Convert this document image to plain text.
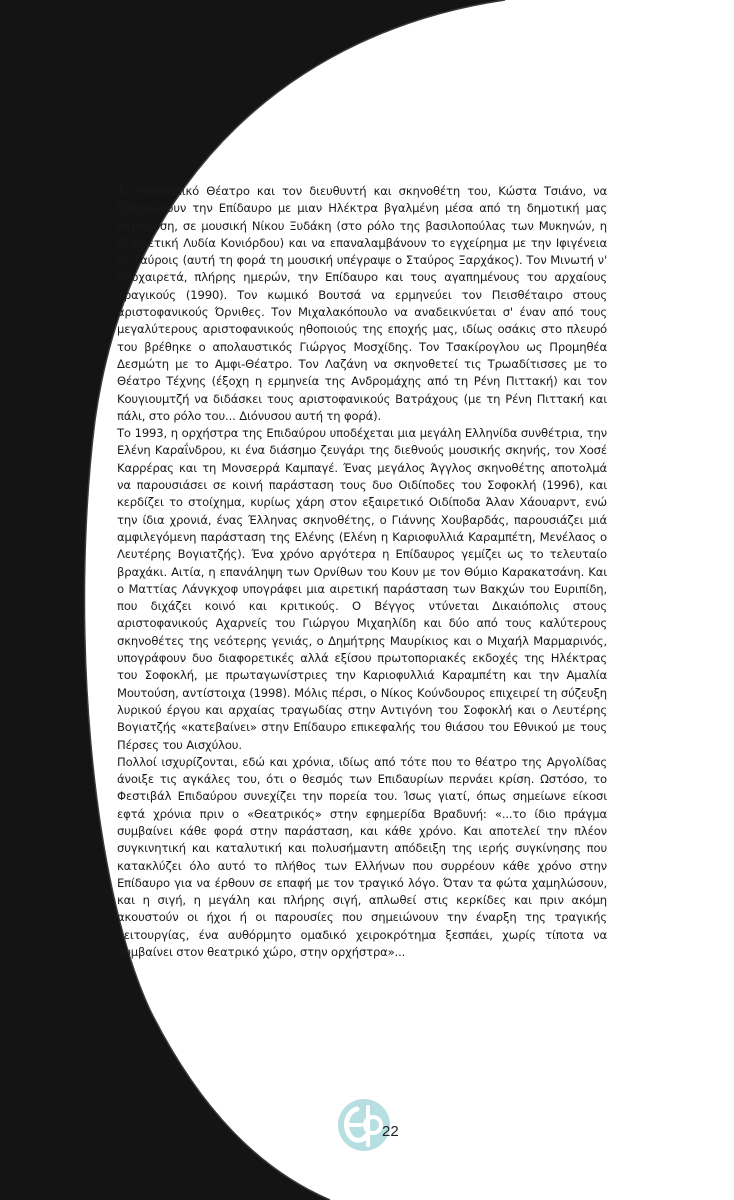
Το Θεσσαλικό Θέατρο και τον διευθυντή και σκηνοθέτη του, Κώστα Τσιάνο, να ξεσηκώνουν την Επίδαυρο με μιαν Ηλέκτρα βγαλμένη μέσα από τη δημοτική μας παράδοση, σε μουσική Νίκου Ξυδάκη (στο ρόλο της βασιλοπούλας των Μυκηνών, η εξαιρετική Λυδία Κονιόρδου) και να επαναλαμβάνουν το εγχείρημα με την Ιφιγένεια εν Ταύροις (αυτή τη φορά τη μουσική υπέγραψε ο Σταύρος Ξαρχάκος). Τον Μινωτή ν' αποχαιρετά, πλήρης ημερών, την Επίδαυρο και τους αγαπημένους του αρχαίους τραγικούς (1990). Τον κωμικό Βουτσά να ερμηνεύει τον Πεισθέταιρο στους αριστοφανικούς Όρνιθες. Τον Μιχαλακόπουλο να αναδεικνύεται σ' έναν από τους μεγαλύτερους αριστοφανικούς ηθοποιούς της εποχής μας, ιδίως οσάκις στο πλευρό του βρέθηκε ο απολαυστικός Γιώργος Μοσχίδης. Τον Τσακίρογλου ως Προμηθέα Δεσμώτη με το Αμφι-Θέατρο. Τον Λαζάνη να σκηνοθετεί τις Τρωαδίτισσες με το Θέατρο Τέχνης (έξοχη η ερμηνεία της Ανδρομάχης από τη Ρένη Πιττακή) και τον Κουγιουμτζή να διδάσκει τους αριστοφανικούς Βατράχους (με τη Ρένη Πιττακή και πάλι, στο ρόλο του... Διόνυσου αυτή τη φορά).

Το 1993, η ορχήστρα της Επιδαύρου υποδέχεται μια μεγάλη Ελληνίδα συνθέτρια, την Ελένη Καραΐνδρου, κι ένα διάσημο ζευγάρι της διεθνούς μουσικής σκηνής, τον Χοσέ Καρρέρας και τη Μονσερρά Καμπαγέ. Ένας μεγάλος Άγγλος σκηνοθέτης αποτολμά να παρουσιάσει σε κοινή παράσταση τους δυο Οιδίποδες του Σοφοκλή (1996), και κερδίζει το στοίχημα, κυρίως χάρη στον εξαιρετικό Οιδίποδα Άλαν Χάουαρντ, ενώ την ίδια χρονιά, ένας Έλληνας σκηνοθέτης, ο Γιάννης Χουβαρδάς, παρουσιάζει μιά αμφιλεγόμενη παράσταση της Ελένης (Ελένη η Καριοφυλλιά Καραμπέτη, Μενέλαος ο Λευτέρης Βογιατζής). Ένα χρόνο αργότερα η Επίδαυρος γεμίζει ως το τελευταίο βραχάκι. Αιτία, η επανάληψη των Ορνίθων του Κουν με τον Θύμιο Καρακατσάνη. Και ο Ματτίας Λάνγκχοφ υπογράφει μια αιρετική παράσταση των Βακχών του Ευριπίδη, που διχάζει κοινό και κριτικούς. Ο Βέγγος ντύνεται Δικαιόπολις στους αριστοφανικούς Αχαρνείς του Γιώργου Μιχαηλίδη και δύο από τους καλύτερους σκηνοθέτες της νεότερης γενιάς, ο Δημήτρης Μαυρίκιος και ο Μιχαήλ Μαρμαρινός, υπογράφουν δυο διαφορετικές αλλά εξίσου πρωτοποριακές εκδοχές της Ηλέκτρας του Σοφοκλή, με πρωταγωνίστριες την Καριοφυλλιά Καραμπέτη και την Αμαλία Μουτούση, αντίστοιχα (1998). Μόλις πέρσι, ο Νίκος Κούνδουρος επιχειρεί τη σύζευξη λυρικού έργου και αρχαίας τραγωδίας στην Αντιγόνη του Σοφοκλή και ο Λευτέρης Βογιατζής «κατεβαίνει» στην Επίδαυρο επικεφαλής του θιάσου του Εθνικού με τους Πέρσες του Αισχύλου.

Πολλοί ισχυρίζονται, εδώ και χρόνια, ιδίως από τότε που το θέατρο της Αργολίδας άνοιξε τις αγκάλες του, ότι ο θεσμός των Επιδαυρίων περνάει κρίση. Ωστόσο, το Φεστιβάλ Επιδαύρου συνεχίζει την πορεία του. Ίσως γιατί, όπως σημείωνε είκοσι εφτά χρόνια πριν ο «Θεατρικός» στην εφημερίδα Βραδυνή: «...το ίδιο πράγμα συμβαίνει κάθε φορά στην παράσταση, και κάθε χρόνο. Και αποτελεί την πλέον συγκινητική και καταλυτική και πολυσήμαντη απόδειξη της ιερής συγκίνησης που κατακλύζει όλο αυτό το πλήθος των Ελλήνων που συρρέουν κάθε χρόνο στην Επίδαυρο για να έρθουν σε επαφή με τον τραγικό λόγο. Όταν τα φώτα χαμηλώσουν, και η σιγή, η μεγάλη και πλήρης σιγή, απλωθεί στις κερκίδες και πριν ακόμη ακουστούν οι ήχοι ή οι παρουσίες που σημειώνουν την έναρξη της τραγικής λειτουργίας, ένα αυθόρμητο ομαδικό χειροκρότημα ξεσπάει, χωρίς τίποτα να συμβαίνει στον θεατρικό χώρο, στην ορχήστρα»...

22
